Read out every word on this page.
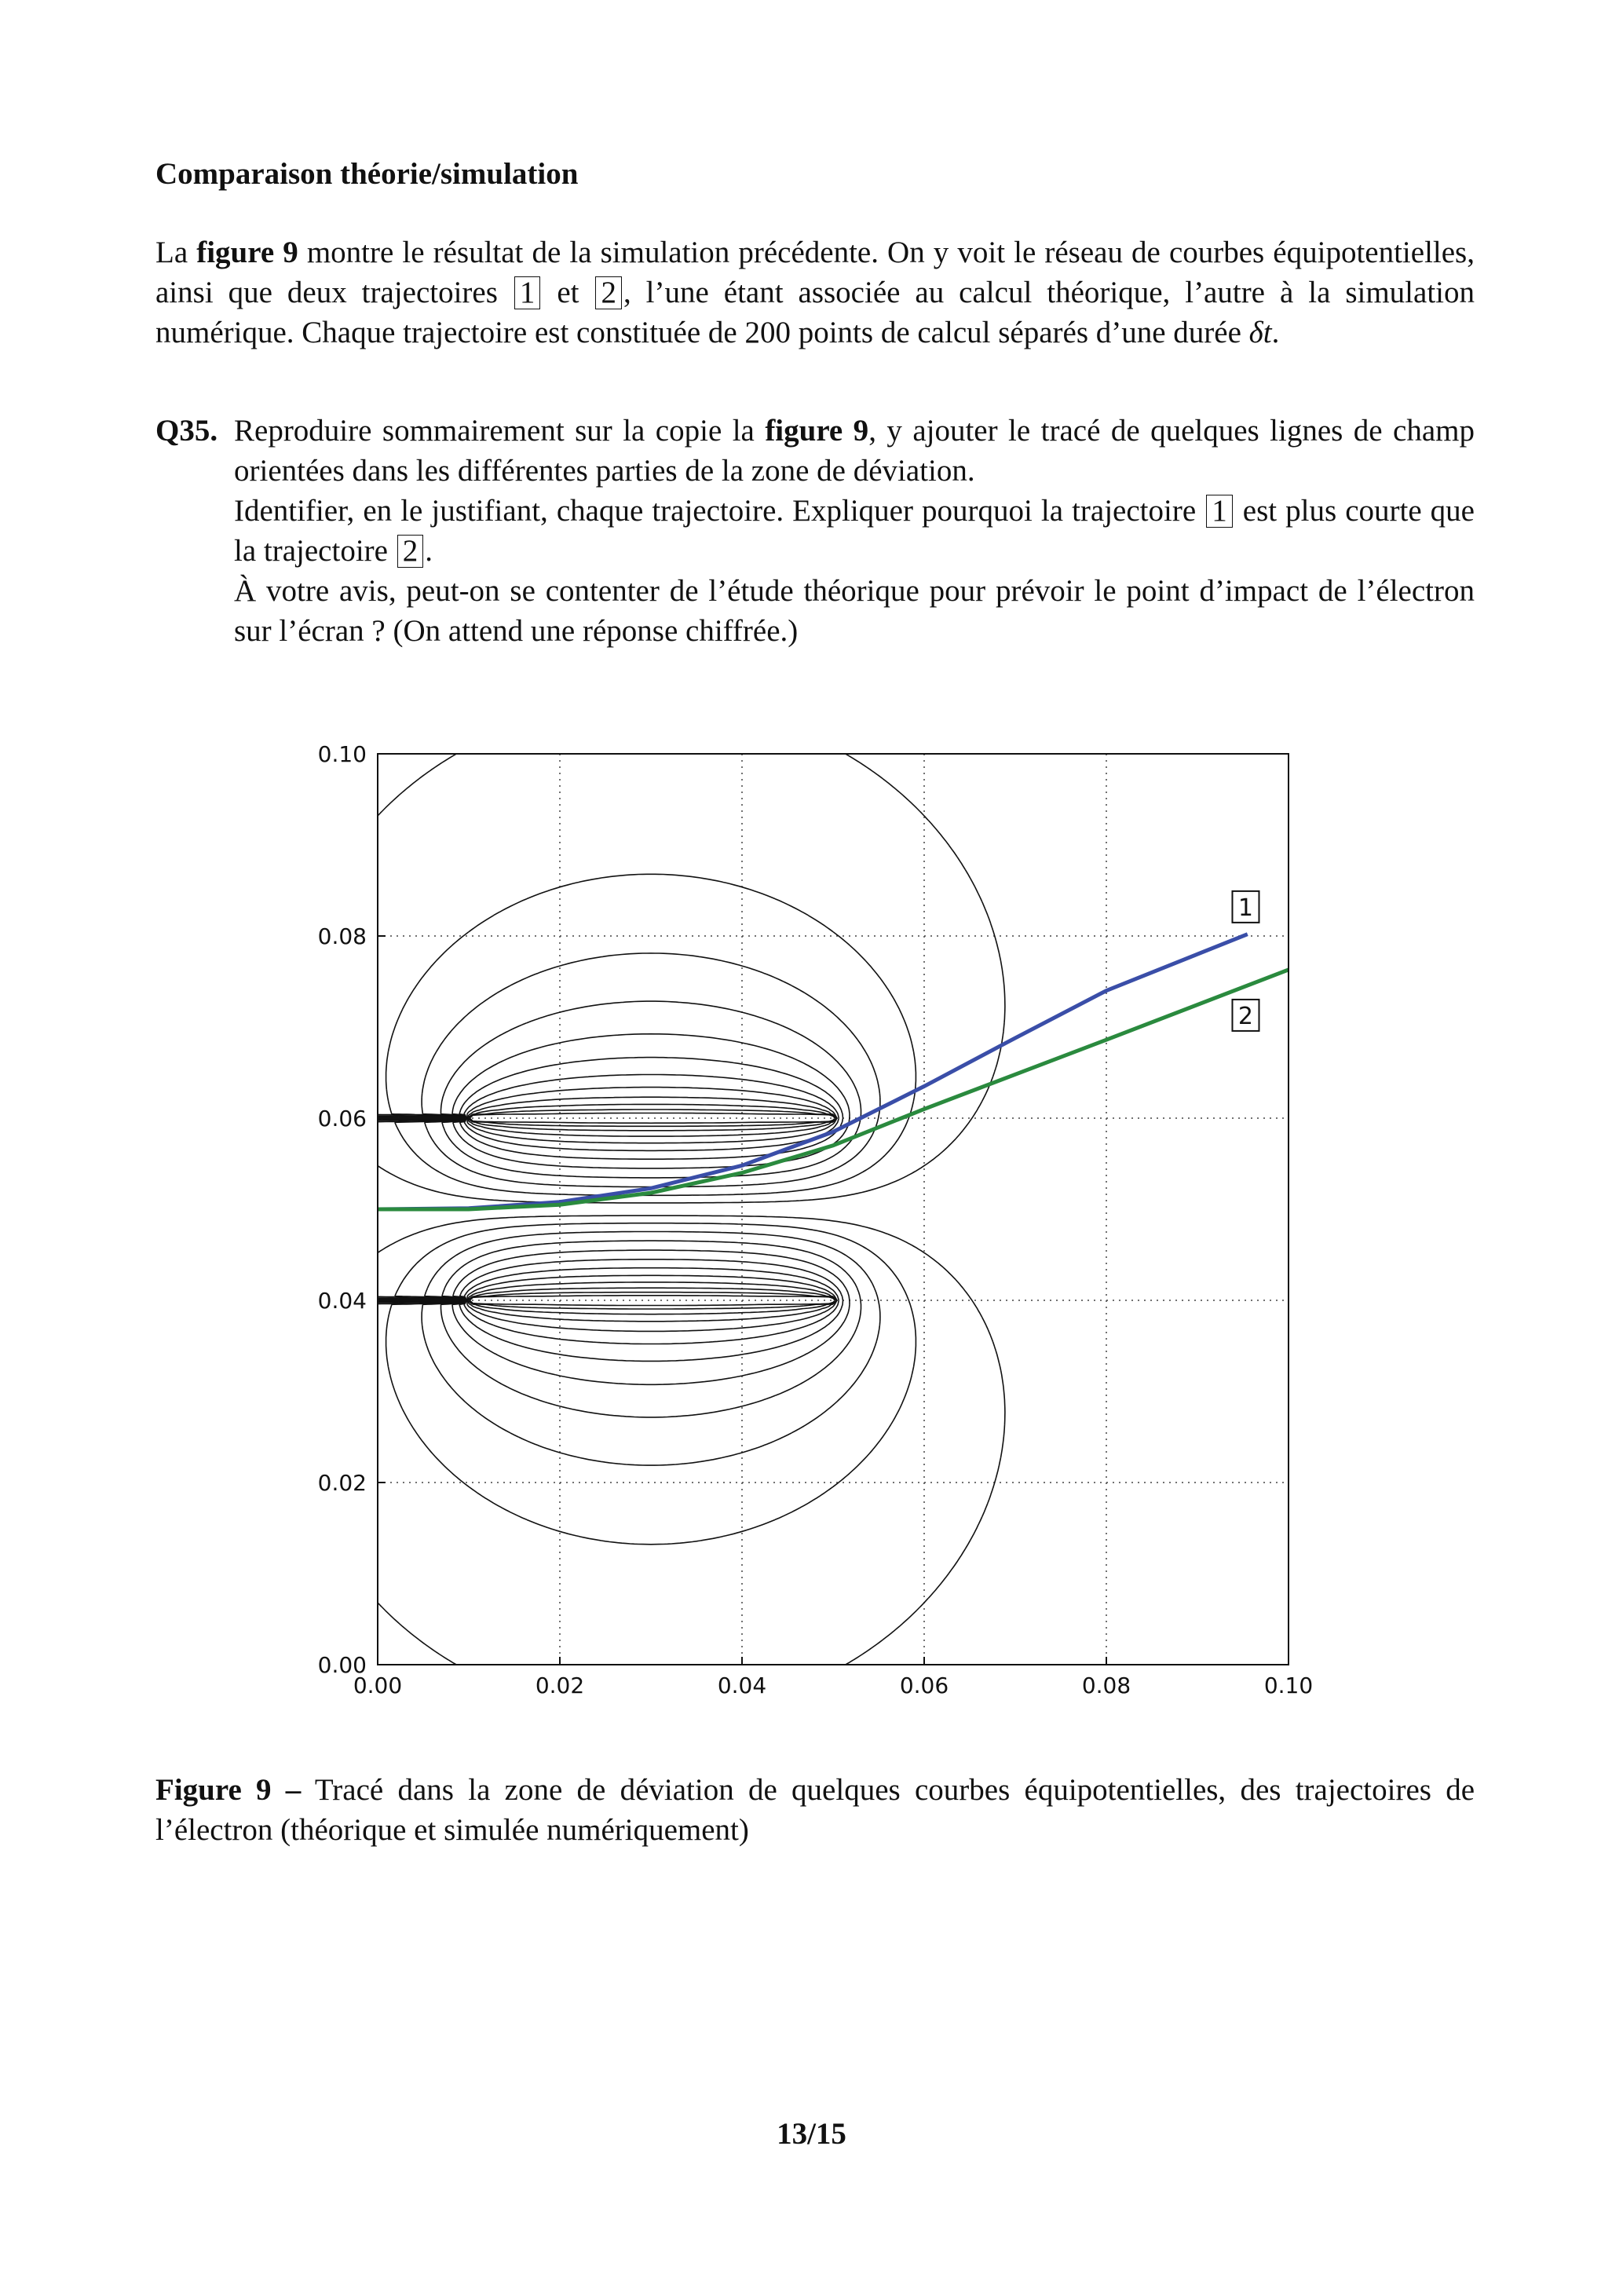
Comparaison théorie/simulation
La figure 9 montre le résultat de la simulation précédente. On y voit le réseau de courbes équipotentielles, ainsi que deux trajectoires 1 et 2 , l’une étant associée au calcul théorique, l’autre à la simulation numérique. Chaque trajectoire est constituée de 200 points de calcul séparés d’une durée δt.
Q35. Reproduire sommairement sur la copie la figure 9, y ajouter le tracé de quelques lignes de champ orientées dans les différentes parties de la zone de déviation.

Identifier, en le justifiant, chaque trajectoire. Expliquer pourquoi la trajectoire 1 est plus courte que la trajectoire 2 .

À votre avis, peut-on se contenter de l’étude théorique pour prévoir le point d’impact de l’électron sur l’écran ? (On attend une réponse chiffrée.)

0.00	0.02	0.04	0.06	0.08	0.10
0.00
0.02
0.04
0.06
0.08
0.10
1
2
Figure 9 – Tracé dans la zone de déviation de quelques courbes équipotentielles, des trajectoires de l’électron (théorique et simulée numériquement)
13/15
